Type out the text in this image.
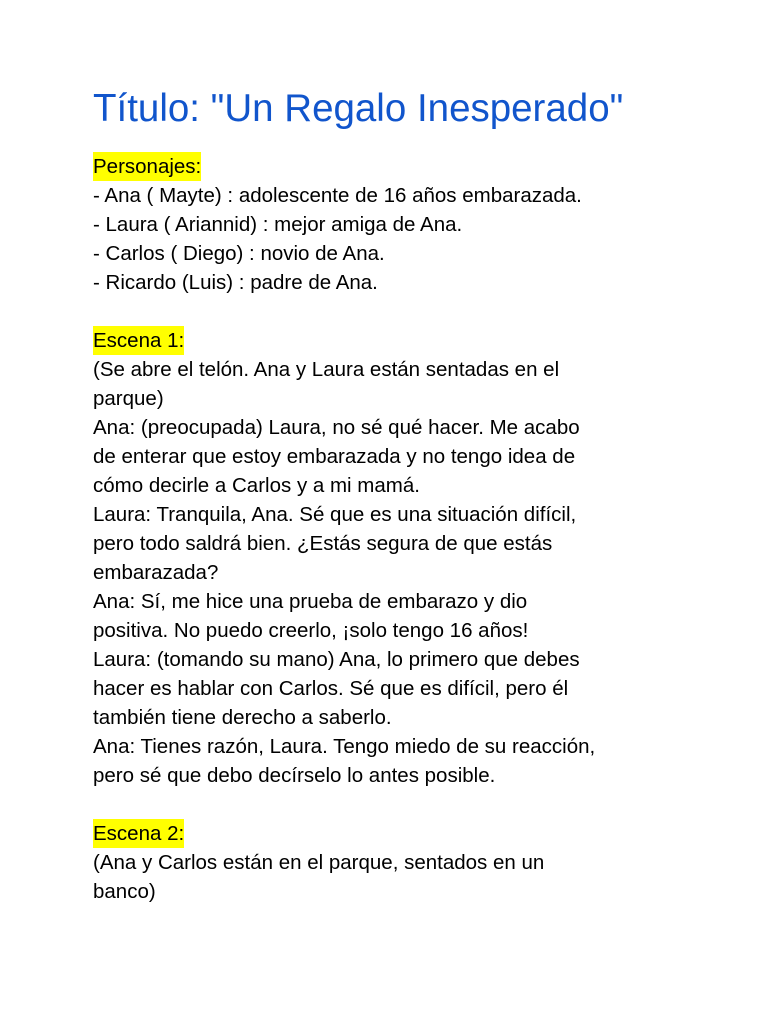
Título: "Un Regalo Inesperado"
Personajes:
- Ana ( Mayte) : adolescente de 16 años embarazada.
- Laura ( Ariannid) : mejor amiga de Ana.
- Carlos ( Diego) : novio de Ana.
- Ricardo (Luis) : padre de Ana.
Escena 1:
(Se abre el telón. Ana y Laura están sentadas en el
parque)
Ana: (preocupada) Laura, no sé qué hacer. Me acabo
de enterar que estoy embarazada y no tengo idea de
cómo decirle a Carlos y a mi mamá.
Laura: Tranquila, Ana. Sé que es una situación difícil,
pero todo saldrá bien. ¿Estás segura de que estás
embarazada?
Ana: Sí, me hice una prueba de embarazo y dio
positiva. No puedo creerlo, ¡solo tengo 16 años!
Laura: (tomando su mano) Ana, lo primero que debes
hacer es hablar con Carlos. Sé que es difícil, pero él
también tiene derecho a saberlo.
Ana: Tienes razón, Laura. Tengo miedo de su reacción,
pero sé que debo decírselo lo antes posible.
Escena 2:
(Ana y Carlos están en el parque, sentados en un
banco)
